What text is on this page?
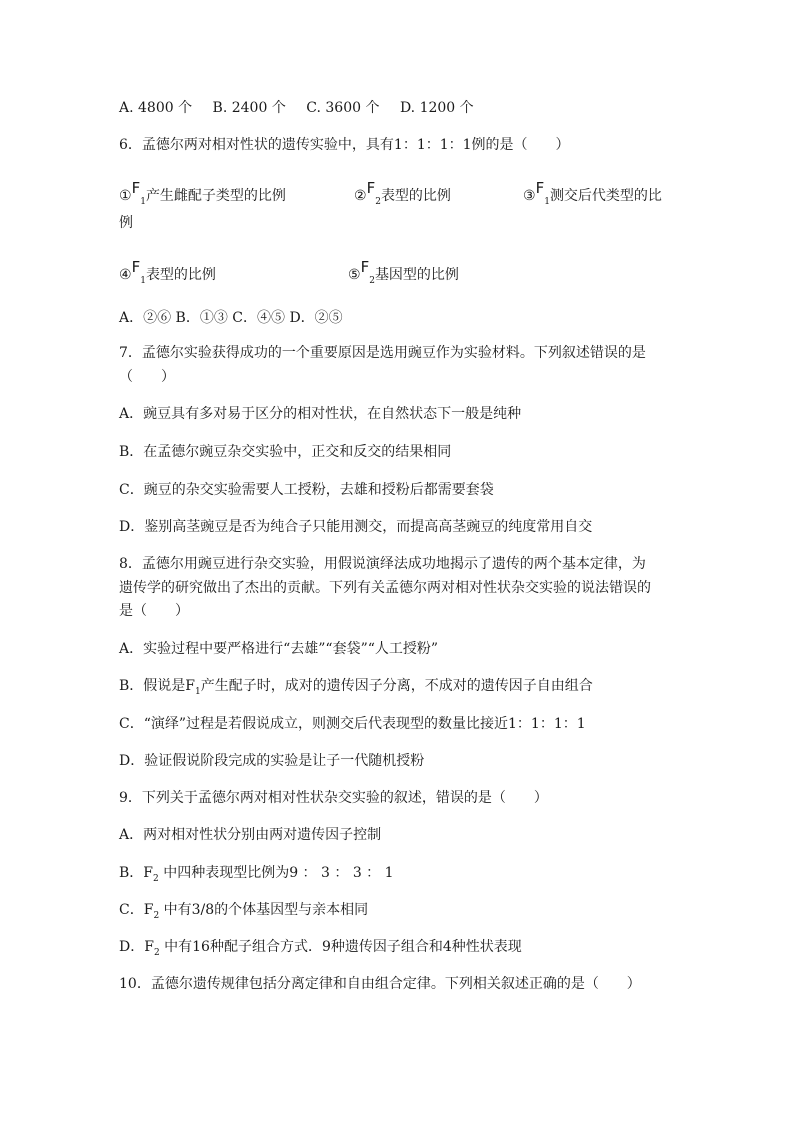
A. 4800 个 B. 2400 个 C. 3600 个 D. 1200 个
6．孟德尔两对相对性状的遗传实验中，具有1：1：1：1例的是（　　）
$①F_1$产生雌配子类型的比例	$②F_2$表型的比例	$③F_1$测交后代类型的比
例
$④F_1$表型的比例	$⑤F_2$基因型的比例
A．②⑥ B．①③ C．④⑤ D．②⑤
7．孟德尔实验获得成功的一个重要原因是选用豌豆作为实验材料。下列叙述错误的是
（　　）
A．豌豆具有多对易于区分的相对性状，在自然状态下一般是纯种
B．在孟德尔豌豆杂交实验中，正交和反交的结果相同
C．豌豆的杂交实验需要人工授粉，去雄和授粉后都需要套袋
D．鉴别高茎豌豆是否为纯合子只能用测交，而提高高茎豌豆的纯度常用自交
8．孟德尔用豌豆进行杂交实验，用假说演绎法成功地揭示了遗传的两个基本定律，为
遗传学的研究做出了杰出的贡献。下列有关孟德尔两对相对性状杂交实验的说法错误的
是（　　）
A．实验过程中要严格进行“去雄”“套袋”“人工授粉”
B．假说是$F_1$产生配子时，成对的遗传因子分离，不成对的遗传因子自由组合
C．“演绎”过程是若假说成立，则测交后代表现型的数量比接近1：1：1：1
D．验证假说阶段完成的实验是让子一代随机授粉
9．下列关于孟德尔两对相对性状杂交实验的叙述，错误的是（　　）
A．两对相对性状分别由两对遗传因子控制
B．$F_2$ 中四种表现型比例为9 ： 3 ： 3 ： 1
C．$F_2$ 中有3/8的个体基因型与亲本相同
D．$F_2$ 中有16种配子组合方式．9种遗传因子组合和4种性状表现
10．孟德尔遗传规律包括分离定律和自由组合定律。下列相关叙述正确的是（　　）
